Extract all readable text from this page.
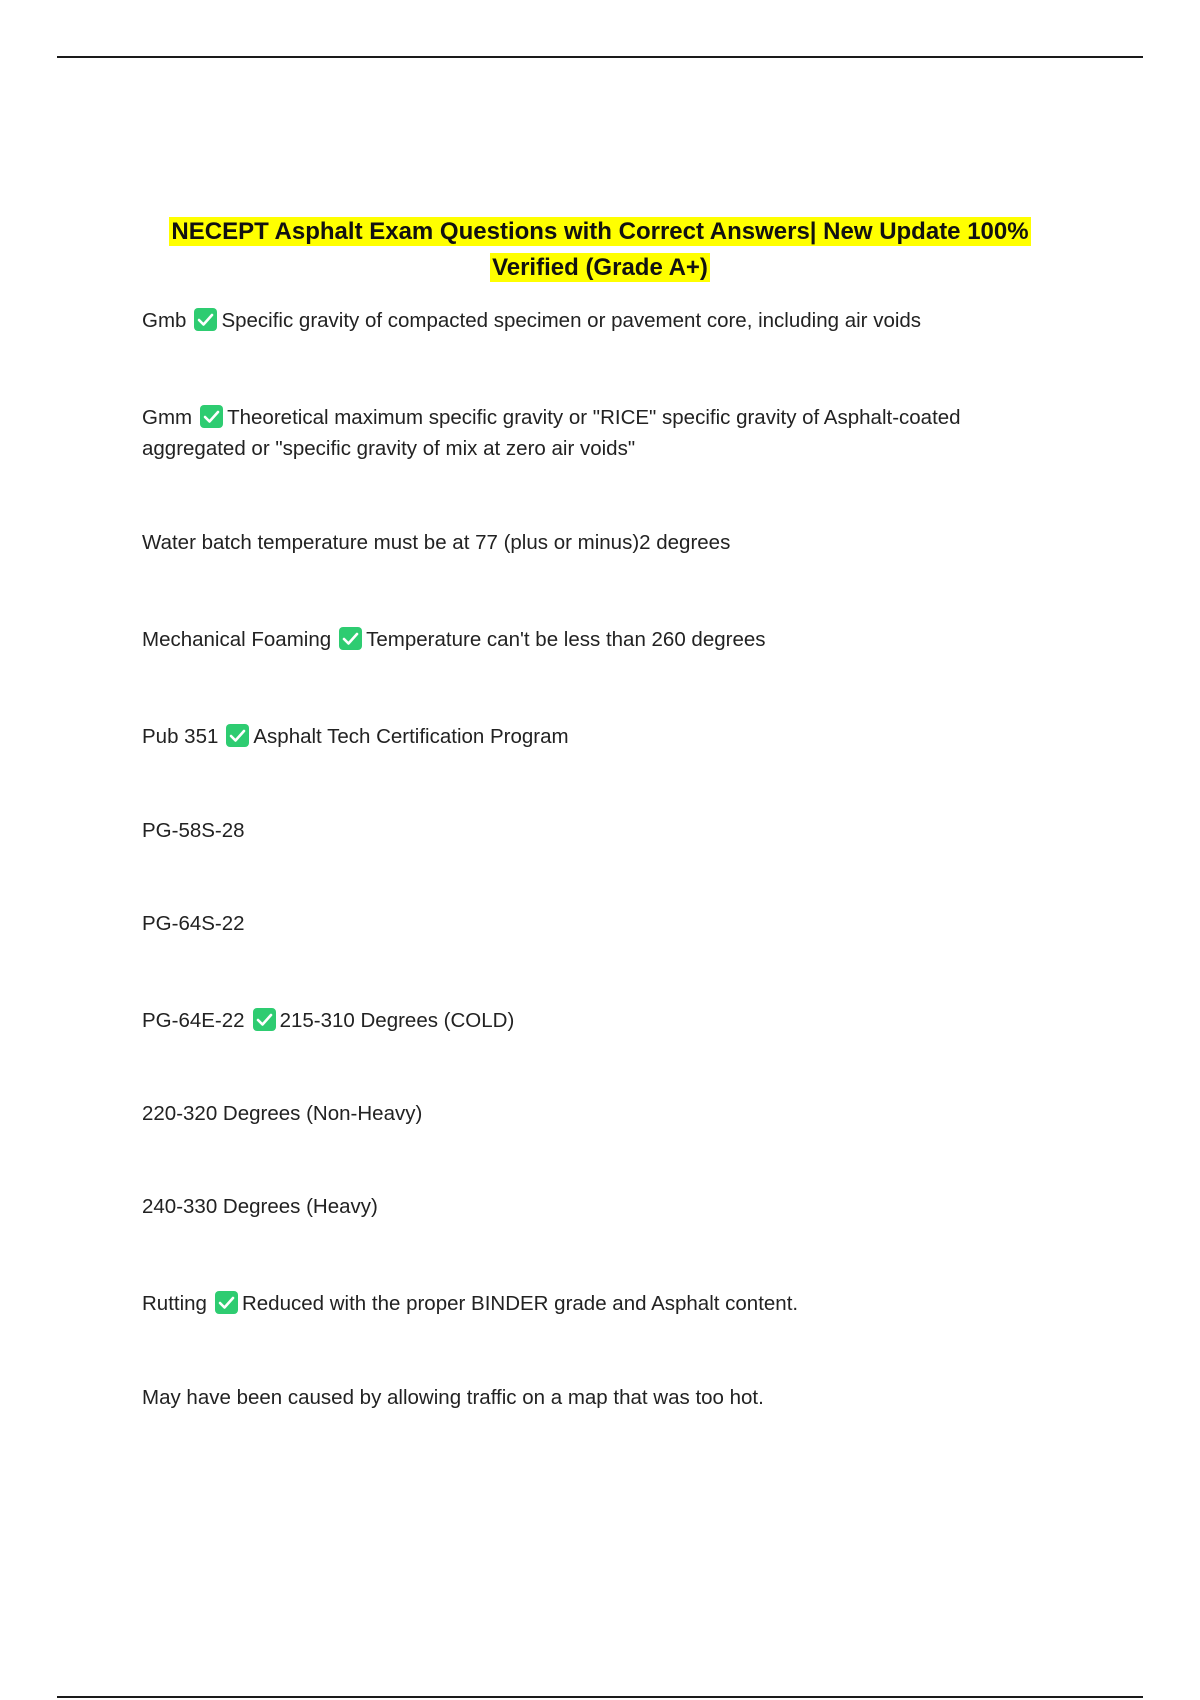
NECEPT Asphalt Exam Questions with Correct Answers| New Update 100%
Verified (Grade A+)
Gmb Specific gravity of compacted specimen or pavement core, including air voids
Gmm Theoretical maximum specific gravity or "RICE" specific gravity of Asphalt-coated aggregated or "specific gravity of mix at zero air voids"
Water batch temperature must be at 77 (plus or minus)2 degrees
Mechanical Foaming Temperature can't be less than 260 degrees
Pub 351 Asphalt Tech Certification Program
PG-58S-28
PG-64S-22
PG-64E-22 215-310 Degrees (COLD)
220-320 Degrees (Non-Heavy)
240-330 Degrees (Heavy)
Rutting Reduced with the proper BINDER grade and Asphalt content.
May have been caused by allowing traffic on a map that was too hot.
